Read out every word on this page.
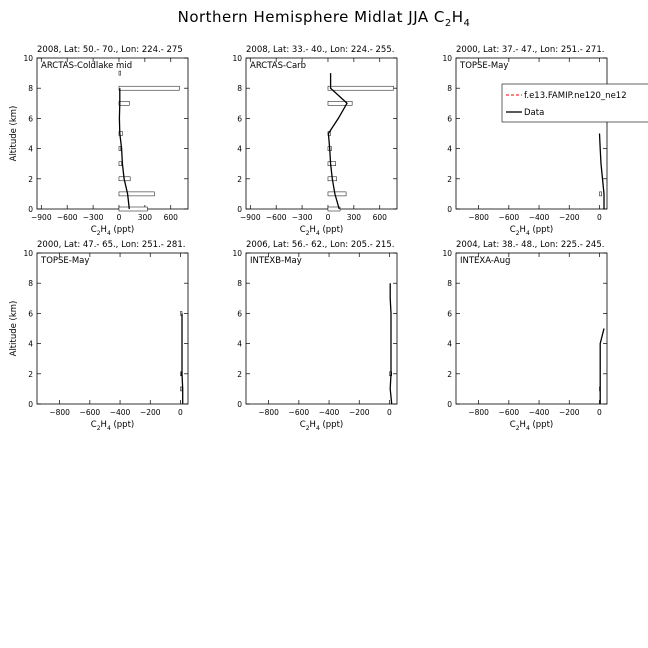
Northern Hemisphere Midlat JJA $C_2H_4$
2008, Lat: 50.- 70., Lon: 224.- 275
ARCTAS-Coldlake mid
−900 −600 −300 0 300 600
0
2
4
6
8
10
$C_2H_4$ (ppt)
Altitude (km)
2008, Lat: 33.- 40., Lon: 224.- 255.
ARCTAS-Carb
−900 −600 −300 0 300 600
0
2
4
6
8
10
$C_2H_4$ (ppt)
2000, Lat: 37.- 47., Lon: 251.- 271.
TOPSE-May
−800 −600 −400 −200 0
0
2
4
6
8
10
$C_2H_4$ (ppt)
2000, Lat: 47.- 65., Lon: 251.- 281.
TOPSE-May
−800 −600 −400 −200 0
0
2
4
6
8
10
$C_2H_4$ (ppt)
Altitude (km)
2006, Lat: 56.- 62., Lon: 205.- 215.
INTEXB-May
−800 −600 −400 −200 0
0
2
4
6
8
10
$C_2H_4$ (ppt)
2004, Lat: 38.- 48., Lon: 225.- 245.
INTEXA-Aug
−800 −600 −400 −200 0
0
2
4
6
8
10
$C_2H_4$ (ppt)
f.e13.FAMIP.ne120_ne12
Data
